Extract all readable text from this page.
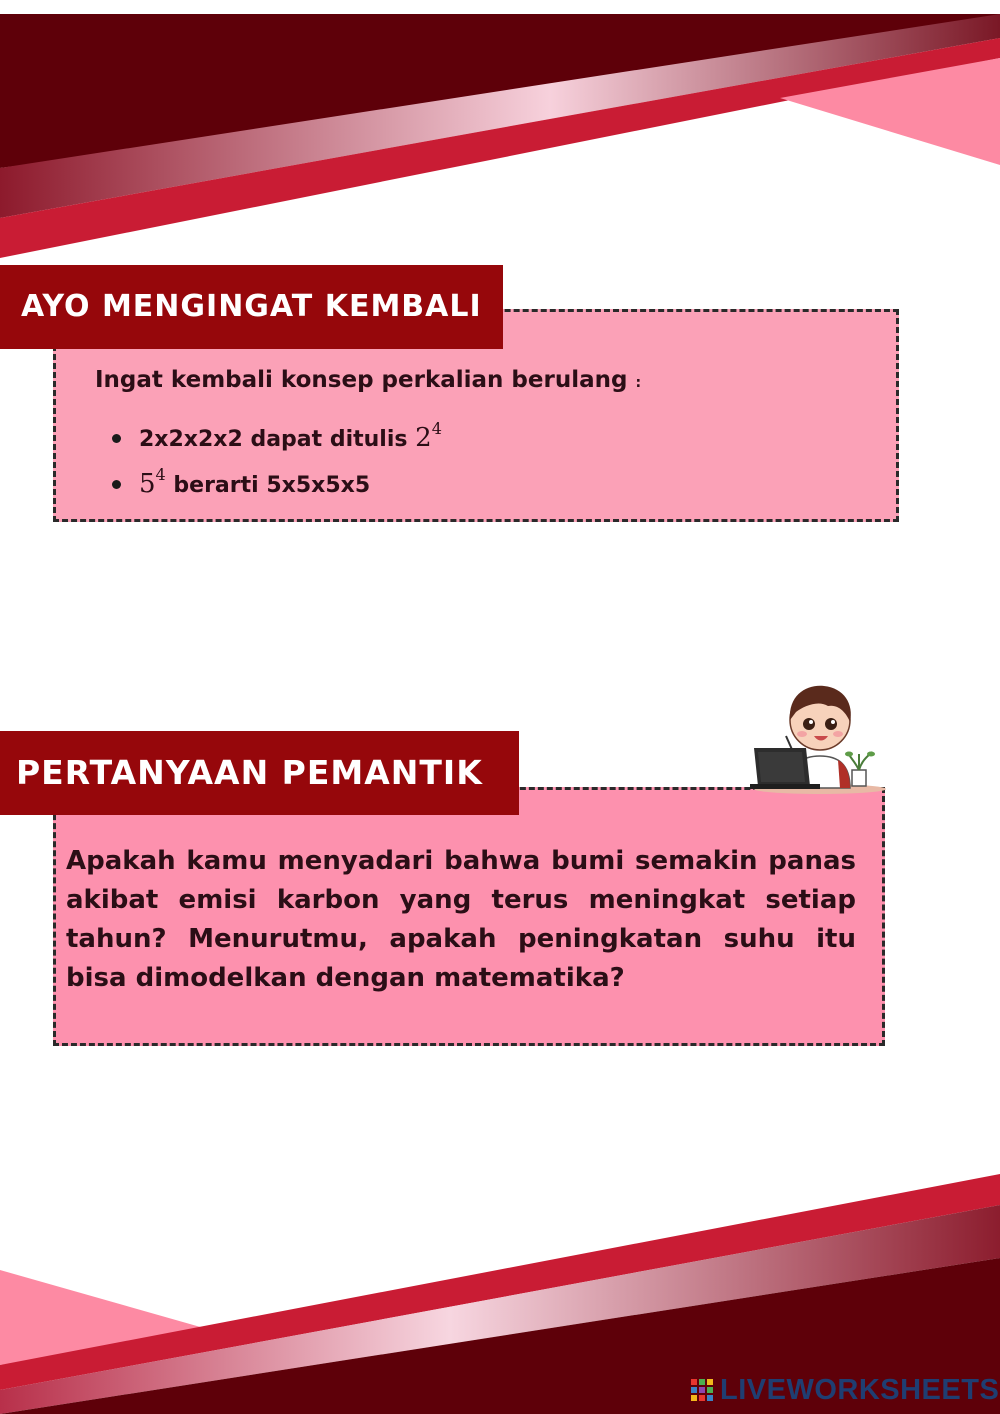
AYO MENGINGAT KEMBALI
Ingat kembali konsep perkalian berulang :
2x2x2x2 dapat ditulis $2^4$
$5^4$ berarti 5x5x5x5
PERTANYAAN PEMANTIK

Apakah kamu menyadari bahwa bumi semakin panas akibat emisi karbon yang terus meningkat setiap tahun? Menurutmu, apakah peningkatan suhu itu bisa dimodelkan dengan matematika?

LIVEWORKSHEETS
